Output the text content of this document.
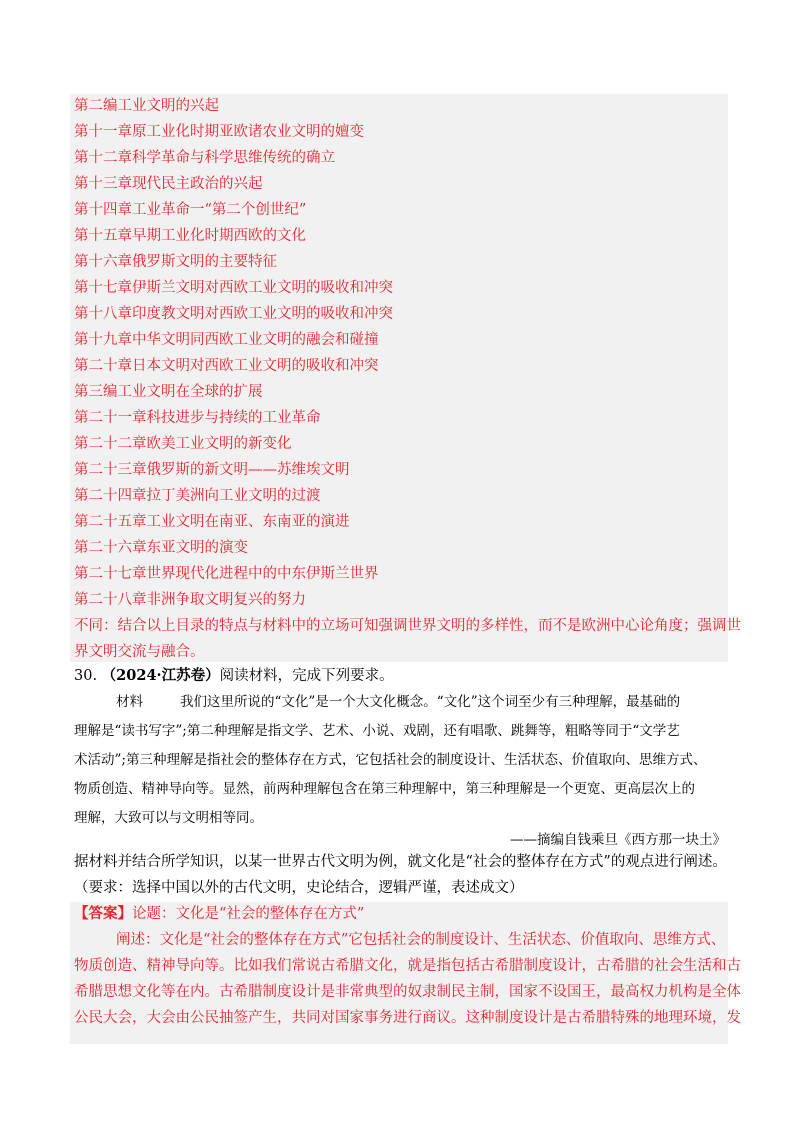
第二编工业文明的兴起
第十一章原工业化时期亚欧诸农业文明的嬗变
第十二章科学革命与科学思维传统的确立
第十三章现代民主政治的兴起
第十四章工业革命一“第二个创世纪”
第十五章早期工业化时期西欧的文化
第十六章俄罗斯文明的主要特征
第十七章伊斯兰文明对西欧工业文明的吸收和冲突
第十八章印度教文明对西欧工业文明的吸收和冲突
第十九章中华文明同西欧工业文明的融会和碰撞
第二十章日本文明对西欧工业文明的吸收和冲突
第三编工业文明在全球的扩展
第二十一章科技进步与持续的工业革命
第二十二章欧美工业文明的新变化
第二十三章俄罗斯的新文明——苏维埃文明
第二十四章拉丁美洲向工业文明的过渡
第二十五章工业文明在南亚、东南亚的演进
第二十六章东亚文明的演变
第二十七章世界现代化进程中的中东伊斯兰世界
第二十八章非洲争取文明复兴的努力
不同：结合以上目录的特点与材料中的立场可知强调世界文明的多样性，而不是欧洲中心论角度；强调世
界文明交流与融合。
30. （2024·江苏卷）阅读材料，完成下列要求。
材料	我们这里所说的“文化”是一个大文化概念。“文化”这个词至少有三种理解，最基础的
理解是“读书写字”;第二种理解是指文学、艺术、小说、戏剧，还有唱歌、跳舞等，粗略等同于“文学艺
术活动”;第三种理解是指社会的整体存在方式，它包括社会的制度设计、生活状态、价值取向、思维方式、
物质创造、精神导向等。显然，前两种理解包含在第三种理解中，第三种理解是一个更宽、更高层次上的
理解，大致可以与文明相等同。
——摘编自钱乘旦《西方那一块土》
据材料并结合所学知识，以某一世界古代文明为例，就文化是“社会的整体存在方式”的观点进行阐述。
（要求：选择中国以外的古代文明，史论结合，逻辑严谨，表述成文）
【答案】论题：文化是“社会的整体存在方式”
阐述：文化是“社会的整体存在方式”它包括社会的制度设计、生活状态、价值取向、思维方式、
物质创造、精神导向等。比如我们常说古希腊文化，就是指包括古希腊制度设计，古希腊的社会生活和古
希腊思想文化等在内。古希腊制度设计是非常典型的奴隶制民主制，国家不设国王，最高权力机构是全体
公民大会，大会由公民抽签产生，共同对国家事务进行商议。这种制度设计是古希腊特殊的地理环境，发
